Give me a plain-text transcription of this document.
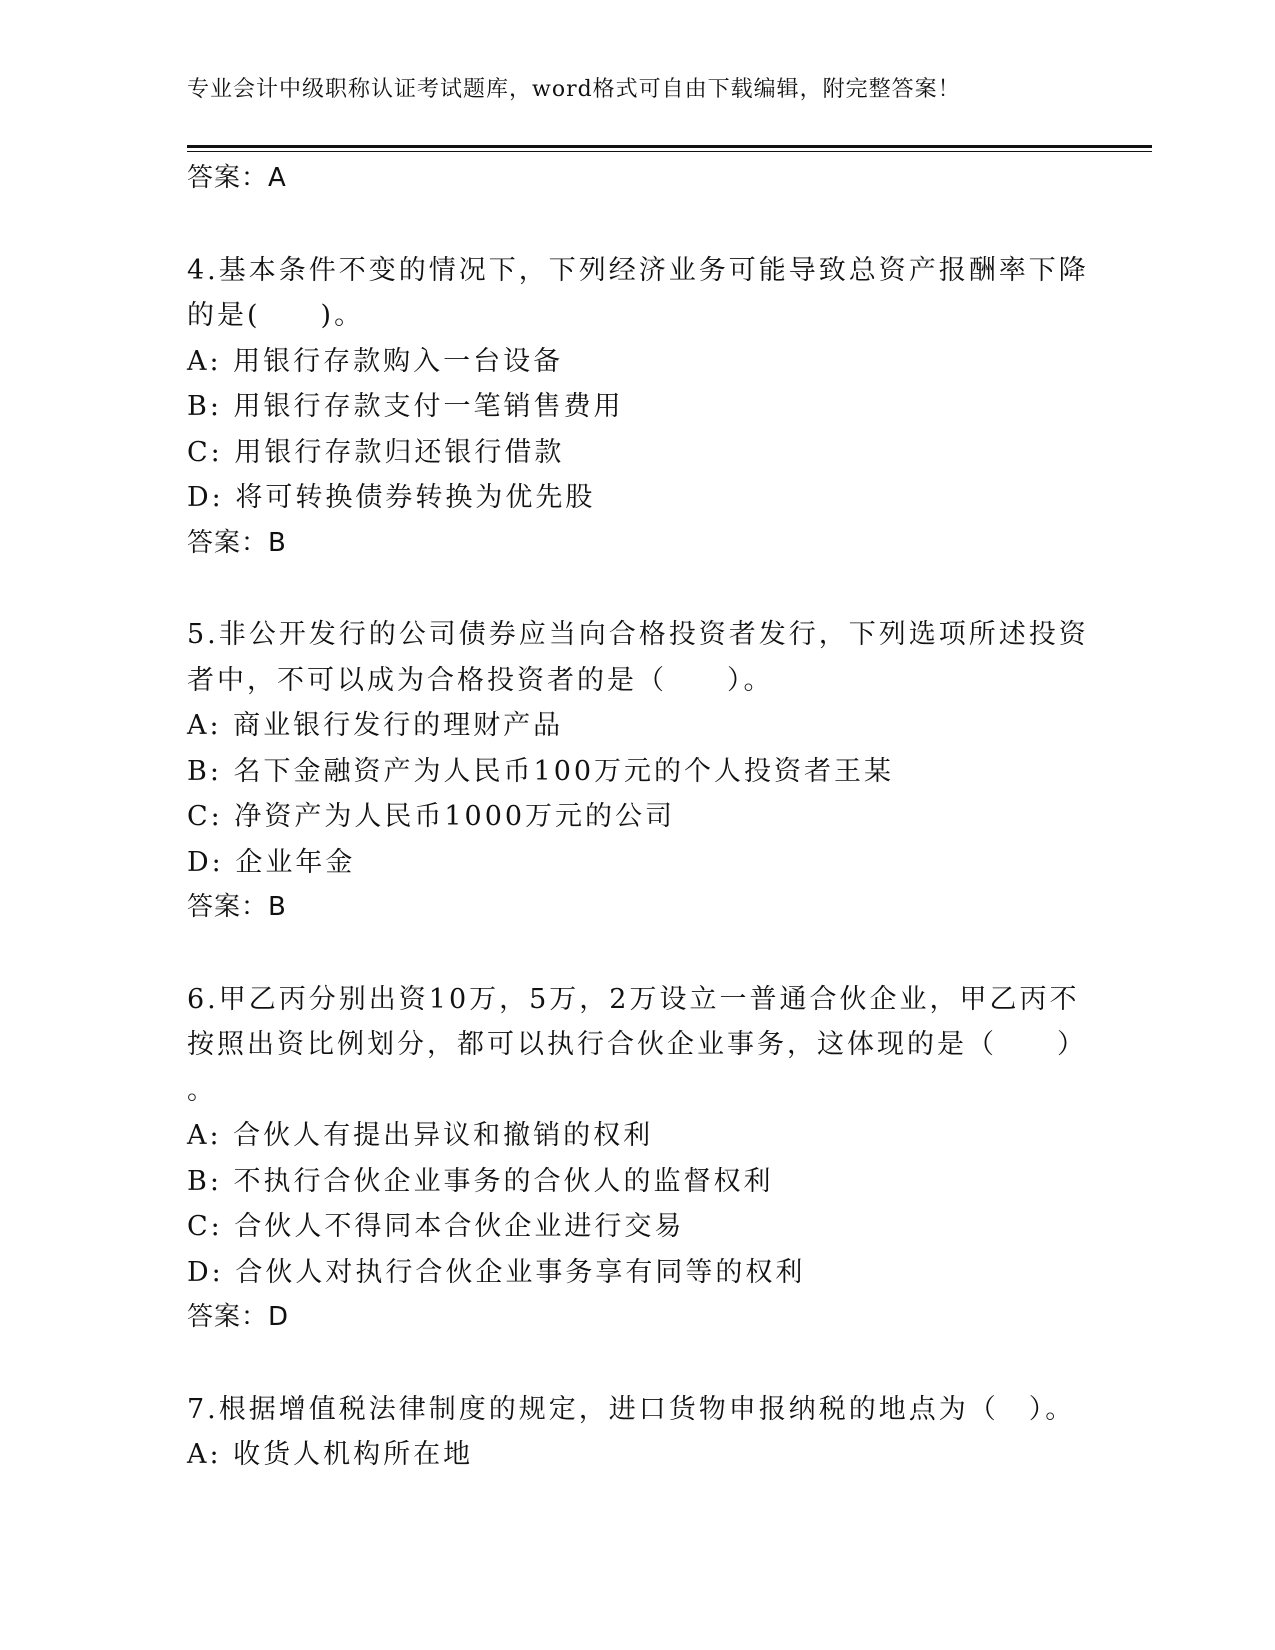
专业会计中级职称认证考试题库，word格式可自由下载编辑，附完整答案！
答案：A
4.基本条件不变的情况下，下列经济业务可能导致总资产报酬率下降
的是(　　)。
A: 用银行存款购入一台设备
B: 用银行存款支付一笔销售费用
C: 用银行存款归还银行借款
D: 将可转换债券转换为优先股
答案：B
5.非公开发行的公司债券应当向合格投资者发行，下列选项所述投资
者中，不可以成为合格投资者的是（　　）。
A: 商业银行发行的理财产品
B: 名下金融资产为人民币100万元的个人投资者王某
C: 净资产为人民币1000万元的公司
D: 企业年金
答案：B
6.甲乙丙分别出资10万，5万，2万设立一普通合伙企业，甲乙丙不
按照出资比例划分，都可以执行合伙企业事务，这体现的是（　　）
。
A: 合伙人有提出异议和撤销的权利
B: 不执行合伙企业事务的合伙人的监督权利
C: 合伙人不得同本合伙企业进行交易
D: 合伙人对执行合伙企业事务享有同等的权利
答案：D
7.根据增值税法律制度的规定，进口货物申报纳税的地点为（　）。
A: 收货人机构所在地
